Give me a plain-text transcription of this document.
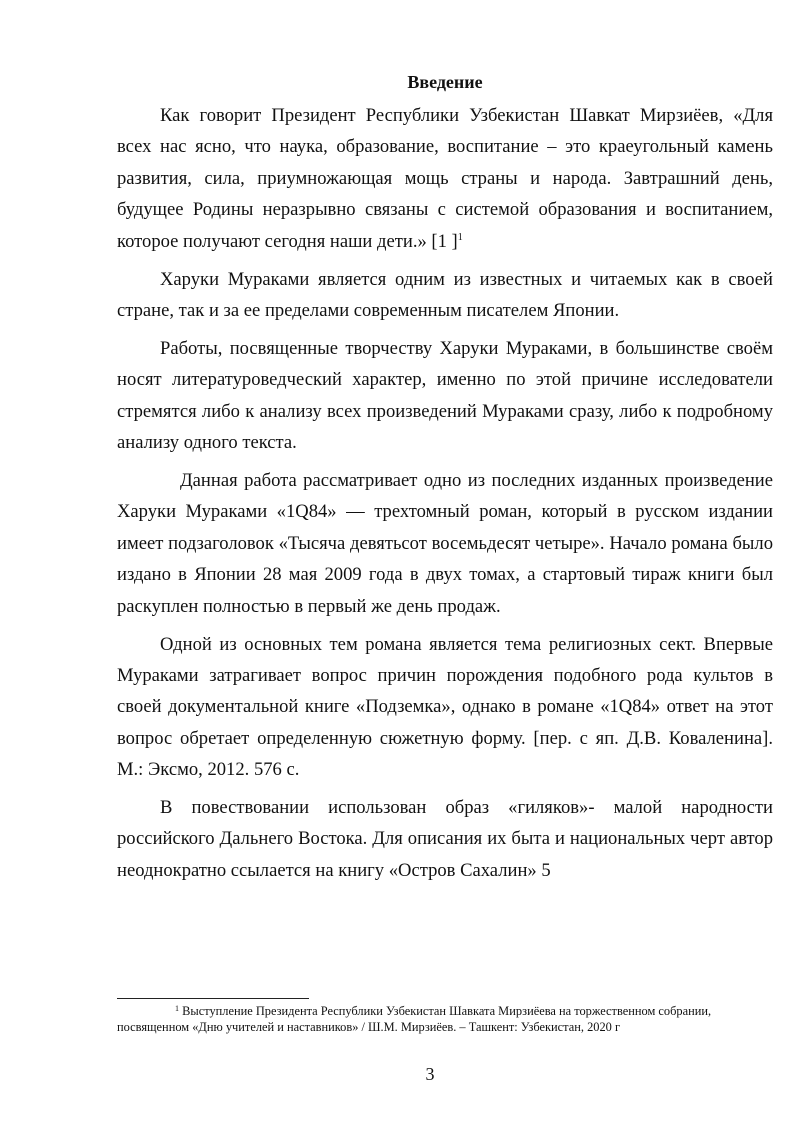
Введение

Как говорит Президент Республики Узбекистан Шавкат Мирзиёев, «Для всех нас ясно, что наука, образование, воспитание – это краеугольный камень развития, сила, приумножающая мощь страны и народа. Завтрашний день, будущее Родины неразрывно связаны с системой образования и воспитанием, которое получают сегодня наши дети.» [1 ]$^1$

Харуки Мураками является одним из известных и читаемых как в своей стране, так и за ее пределами современным писателем Японии.

Работы, посвященные творчеству Харуки Мураками, в большинстве своём носят литературоведческий характер, именно по этой причине исследователи стремятся либо к анализу всех произведений Мураками сразу, либо к подробному анализу одного текста.

Данная работа рассматривает одно из последних изданных произведение Харуки Мураками «1Q84» — трехтомный роман, который в русском издании имеет подзаголовок «Тысяча девятьсот восемьдесят четыре». Начало романа было издано в Японии 28 мая 2009 года в двух томах, а стартовый тираж книги был раскуплен полностью в первый же день продаж.

Одной из основных тем романа является тема религиозных сект. Впервые Мураками затрагивает вопрос причин порождения подобного рода культов в своей документальной книге «Подземка», однако в романе «1Q84» ответ на этот вопрос обретает определенную сюжетную форму. [пер. с яп. Д.В. Коваленина]. М.: Эксмо, 2012. 576 с.

В повествовании использован образ «гиляков»- малой народности российского Дальнего Востока. Для описания их быта и национальных черт автор неоднократно ссылается на книгу «Остров Сахалин» 5

$^1$ Выступление Президента Республики Узбекистан Шавката Мирзиёева на торжественном собрании, посвященном «Дню учителей и наставников» / Ш.М. Мирзиёев. – Ташкент: Узбекистан, 2020 г
3
